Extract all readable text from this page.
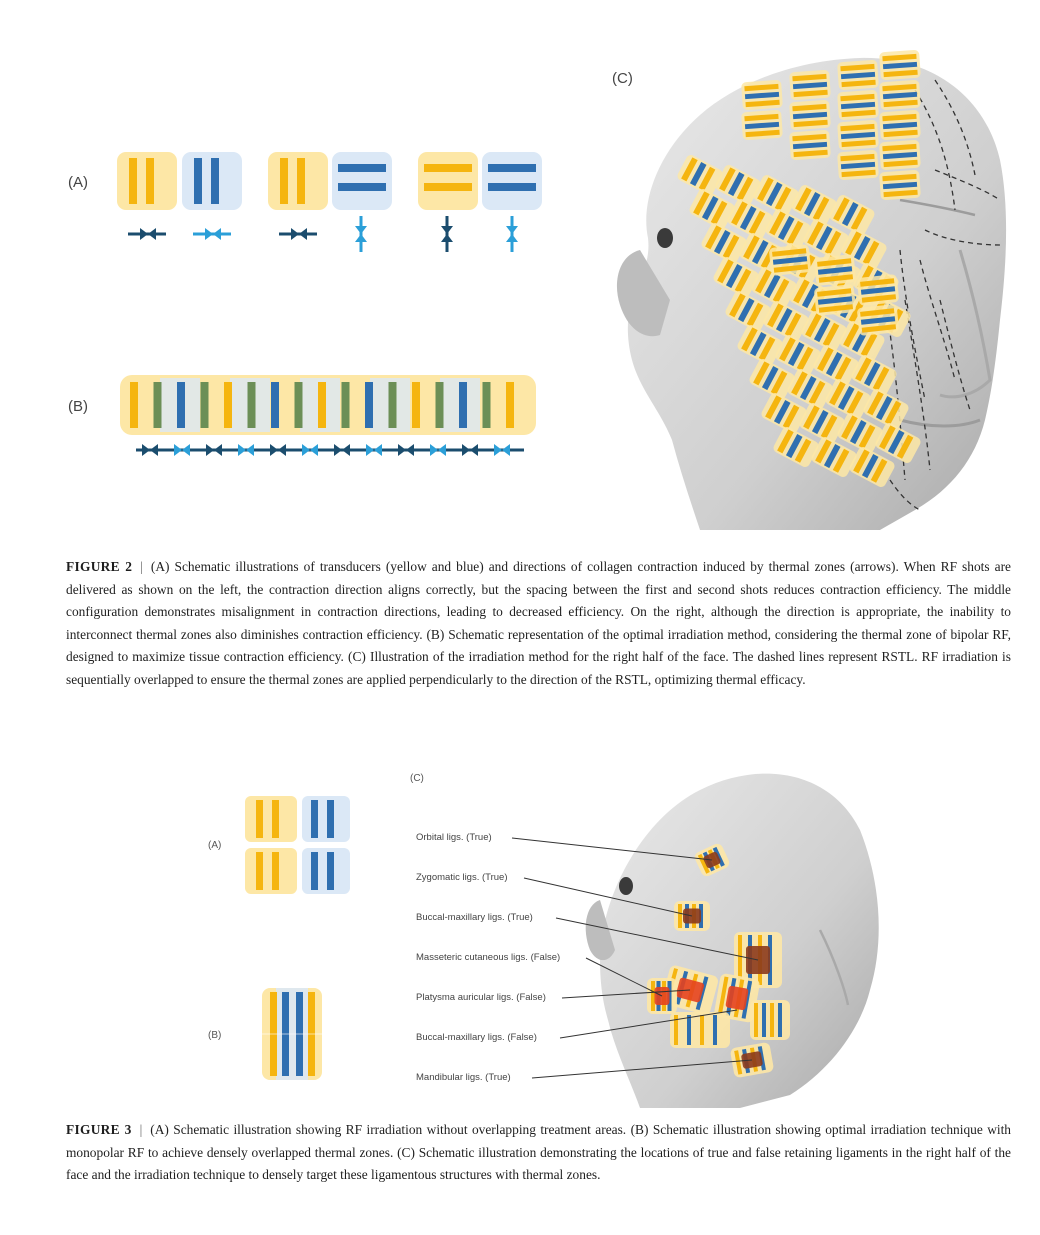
(A)
(B)
(C)
FIGURE 2 | (A) Schematic illustrations of transducers (yellow and blue) and directions of collagen contraction induced by thermal zones (arrows). When RF shots are delivered as shown on the left, the contraction direction aligns correctly, but the spacing between the first and second shots reduces contraction efficiency. The middle configuration demonstrates misalignment in contraction directions, leading to decreased efficiency. On the right, although the direction is appropriate, the inability to interconnect thermal zones also diminishes contraction efficiency. (B) Schematic representation of the optimal irradiation method, considering the thermal zone of bipolar RF, designed to maximize tissue contraction efficiency. (C) Illustration of the irradiation method for the right half of the face. The dashed lines represent RSTL. RF irradiation is sequentially overlapped to ensure the thermal zones are applied perpendicularly to the direction of the RSTL, optimizing thermal efficacy.
(A)
(B)
(C)
Orbital ligs. (True)
Zygomatic ligs. (True)
Buccal-maxillary ligs. (True)
Masseteric cutaneous ligs. (False)
Platysma auricular ligs. (False)
Buccal-maxillary ligs. (False)
Mandibular ligs. (True)
FIGURE 3 | (A) Schematic illustration showing RF irradiation without overlapping treatment areas. (B) Schematic illustration showing optimal irradiation technique with monopolar RF to achieve densely overlapped thermal zones. (C) Schematic illustration demonstrating the locations of true and false retaining ligaments in the right half of the face and the irradiation technique to densely target these ligamentous structures with thermal zones.
